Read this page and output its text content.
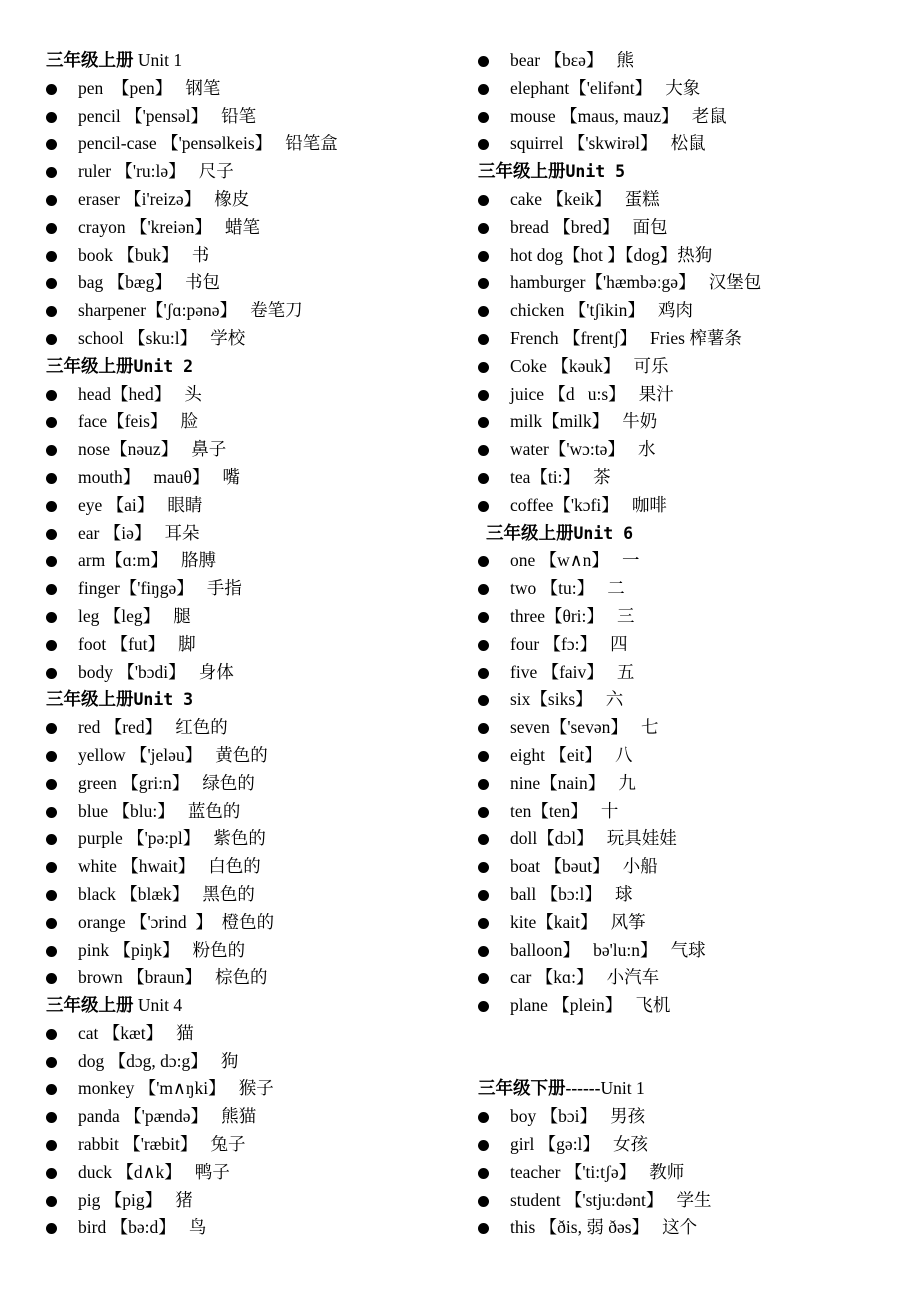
三年级上册 Unit 1
pen  【pen】   钢笔
pencil 【'pensəl】   铅笔
pencil-case 【'pensəlkeis】   铅笔盒
ruler 【'ru:lə】   尺子
eraser 【i'reizə】   橡皮
crayon 【'kreiən】   蜡笔
book 【buk】   书
bag 【bæg】   书包
sharpener【'ʃɑ:pənə】   卷笔刀
school 【sku:l】   学校
三年级上册Unit 2
head【hed】   头
face【feis】   脸
nose【nəuz】   鼻子
mouth】   mauθ】   嘴
eye 【ai】   眼睛
ear 【iə】   耳朵
arm【ɑ:m】   胳膊
finger【'fiŋgə】   手指
leg 【leg】   腿
foot 【fut】   脚
body 【'bɔdi】   身体
三年级上册Unit 3
red 【red】   红色的
yellow 【'jeləu】   黄色的
green 【gri:n】   绿色的
blue 【blu:】   蓝色的
purple 【'pə:pl】   紫色的
white 【hwait】   白色的
black 【blæk】   黑色的
orange 【'ɔrind  】  橙色的
pink 【piŋk】   粉色的
brown 【braun】   棕色的
三年级上册 Unit 4
cat 【kæt】   猫
dog 【dɔg, dɔ:g】   狗
monkey 【'm∧ŋki】   猴子
panda 【'pændə】   熊猫
rabbit 【'ræbit】   兔子
duck 【d∧k】   鸭子
pig 【pig】   猪
bird 【bə:d】   鸟
bear 【bεə】   熊
elephant【'elifənt】   大象
mouse 【maus, mauz】   老鼠
squirrel 【'skwirəl】   松鼠
三年级上册Unit 5
cake 【keik】   蛋糕
bread 【bred】   面包
hot dog【hot 】【dog】热狗
hamburger【'hæmbəːgə】   汉堡包
chicken 【'tʃikin】   鸡肉
French 【frentʃ】   Fries 榨薯条
Coke 【kəuk】   可乐
juice 【d   u:s】   果汁
milk【milk】   牛奶
water【'wɔ:tə】   水
tea【ti:】   茶
coffee【'kɔfi】   咖啡
三年级上册Unit 6
one 【w∧n】   一
two 【tu:】   二
three【θri:】   三
four 【fɔ:】   四
five 【faiv】   五
six【siks】   六
seven【'sevən】   七
eight 【eit】   八
nine【nain】   九
ten【ten】   十
doll【dɔl】   玩具娃娃
boat 【bəut】   小船
ball 【bɔ:l】   球
kite【kait】   风筝
balloon】   bə'lu:n】   气球
car 【kɑ:】   小汽车
plane 【plein】   飞机
三年级下册------Unit 1
boy 【bɔi】   男孩
girl 【gə:l】   女孩
teacher 【'ti:tʃə】   教师
student 【'stju:dənt】   学生
this 【ðis, 弱 ðəs】   这个
